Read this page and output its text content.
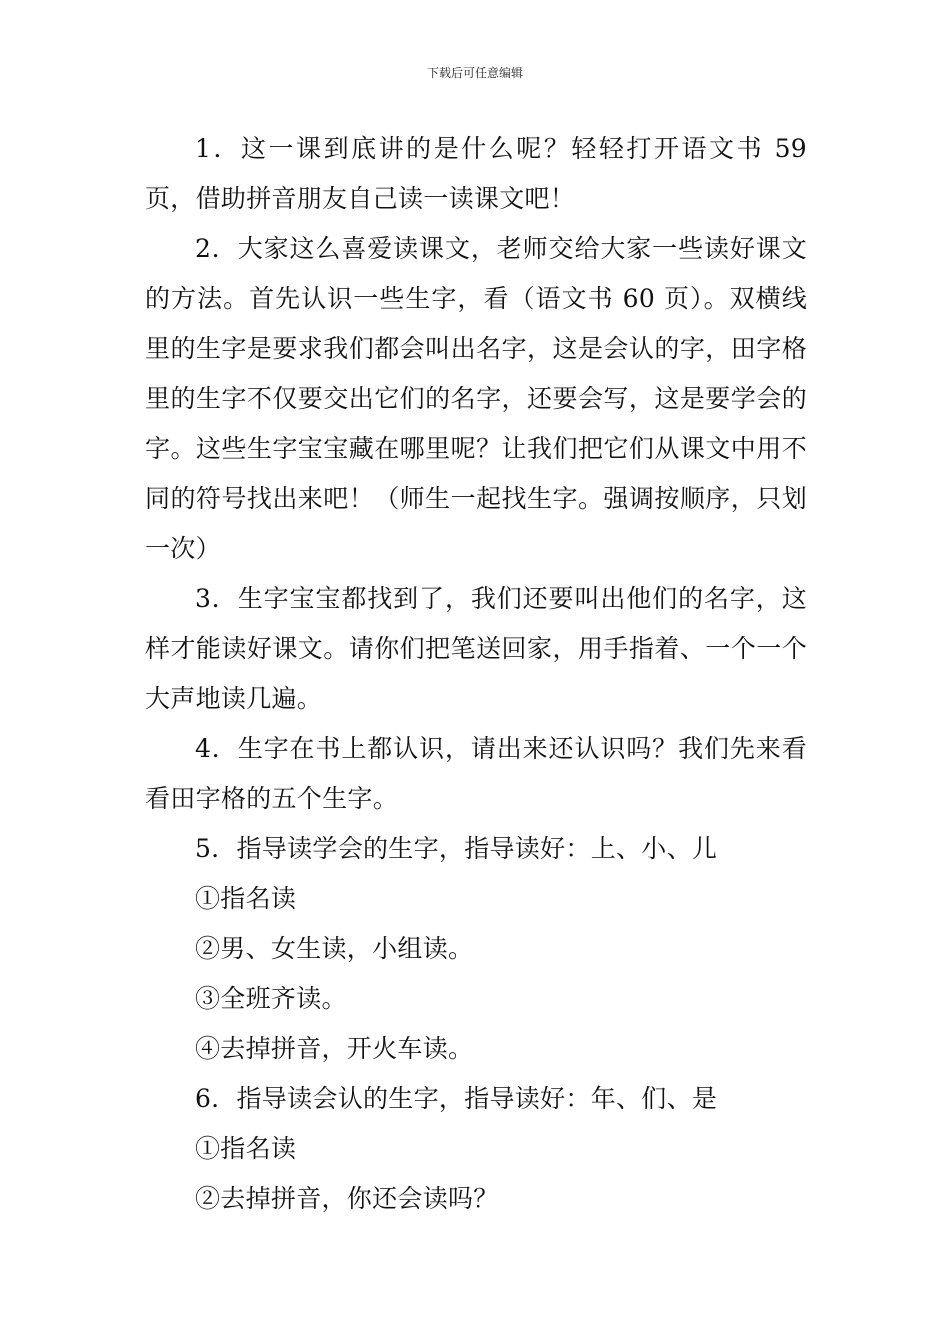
下载后可任意编辑

1．这一课到底讲的是什么呢？轻轻打开语文书 59 页，借助拼音朋友自己读一读课文吧！

2．大家这么喜爱读课文，老师交给大家一些读好课文的方法。首先认识一些生字，看（语文书 60 页）。双横线里的生字是要求我们都会叫出名字，这是会认的字，田字格里的生字不仅要交出它们的名字，还要会写，这是要学会的字。这些生字宝宝藏在哪里呢？让我们把它们从课文中用不同的符号找出来吧！（师生一起找生字。强调按顺序，只划一次）

3．生字宝宝都找到了，我们还要叫出他们的名字，这样才能读好课文。请你们把笔送回家，用手指着、一个一个大声地读几遍。

4．生字在书上都认识，请出来还认识吗？我们先来看看田字格的五个生字。

5．指导读学会的生字，指导读好：上、小、儿

①指名读

②男、女生读，小组读。

③全班齐读。

④去掉拼音，开火车读。

6．指导读会认的生字，指导读好：年、们、是

①指名读

②去掉拼音，你还会读吗？
